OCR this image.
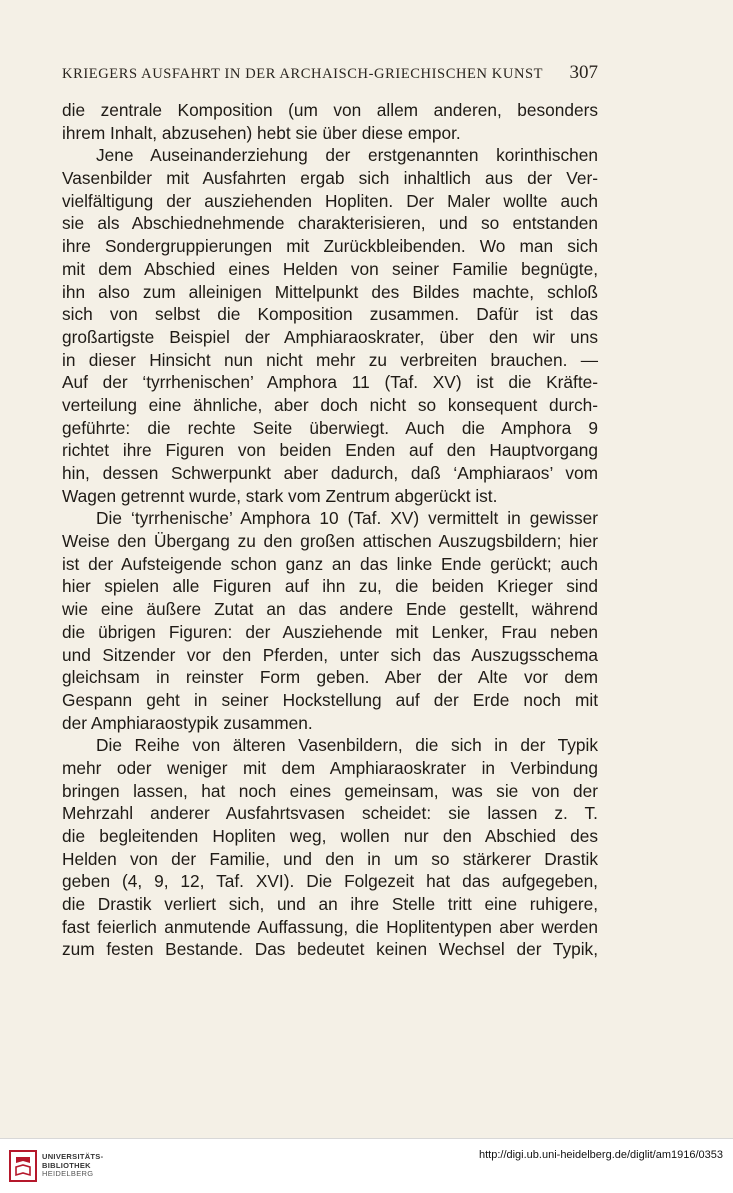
KRIEGERS AUSFAHRT IN DER ARCHAISCH-GRIECHISCHEN KUNST 307
die zentrale Komposition (um von allem anderen, besonders
ihrem Inhalt, abzusehen) hebt sie über diese empor.
Jene Auseinanderziehung der erstgenannten korinthischen
Vasenbilder mit Ausfahrten ergab sich inhaltlich aus der Ver-
vielfältigung der ausziehenden Hopliten. Der Maler wollte auch
sie als Abschiednehmende charakterisieren, und so entstanden
ihre Sondergruppierungen mit Zurückbleibenden. Wo man sich
mit dem Abschied eines Helden von seiner Familie begnügte,
ihn also zum alleinigen Mittelpunkt des Bildes machte, schloß
sich von selbst die Komposition zusammen. Dafür ist das
großartigste Beispiel der Amphiaraoskrater, über den wir uns
in dieser Hinsicht nun nicht mehr zu verbreiten brauchen. —
Auf der ‘tyrrhenischen’ Amphora 11 (Taf. XV) ist die Kräfte-
verteilung eine ähnliche, aber doch nicht so konsequent durch-
geführte: die rechte Seite überwiegt. Auch die Amphora 9
richtet ihre Figuren von beiden Enden auf den Hauptvorgang
hin, dessen Schwerpunkt aber dadurch, daß ‘Amphiaraos’ vom
Wagen getrennt wurde, stark vom Zentrum abgerückt ist.
Die ‘tyrrhenische’ Amphora 10 (Taf. XV) vermittelt in gewisser
Weise den Übergang zu den großen attischen Auszugsbildern; hier
ist der Aufsteigende schon ganz an das linke Ende gerückt; auch
hier spielen alle Figuren auf ihn zu, die beiden Krieger sind
wie eine äußere Zutat an das andere Ende gestellt, während
die übrigen Figuren: der Ausziehende mit Lenker, Frau neben
und Sitzender vor den Pferden, unter sich das Auszugsschema
gleichsam in reinster Form geben. Aber der Alte vor dem
Gespann geht in seiner Hockstellung auf der Erde noch mit
der Amphiaraostypik zusammen.
Die Reihe von älteren Vasenbildern, die sich in der Typik
mehr oder weniger mit dem Amphiaraoskrater in Verbindung
bringen lassen, hat noch eines gemeinsam, was sie von der
Mehrzahl anderer Ausfahrtsvasen scheidet: sie lassen z. T.
die begleitenden Hopliten weg, wollen nur den Abschied des
Helden von der Familie, und den in um so stärkerer Drastik
geben (4, 9, 12, Taf. XVI). Die Folgezeit hat das aufgegeben,
die Drastik verliert sich, und an ihre Stelle tritt eine ruhigere,
fast feierlich anmutende Auffassung, die Hoplitentypen aber werden
zum festen Bestande. Das bedeutet keinen Wechsel der Typik,
UNIVERSITÄTS-
BIBLIOTHEK
HEIDELBERG
http://digi.ub.uni-heidelberg.de/diglit/am1916/0353
